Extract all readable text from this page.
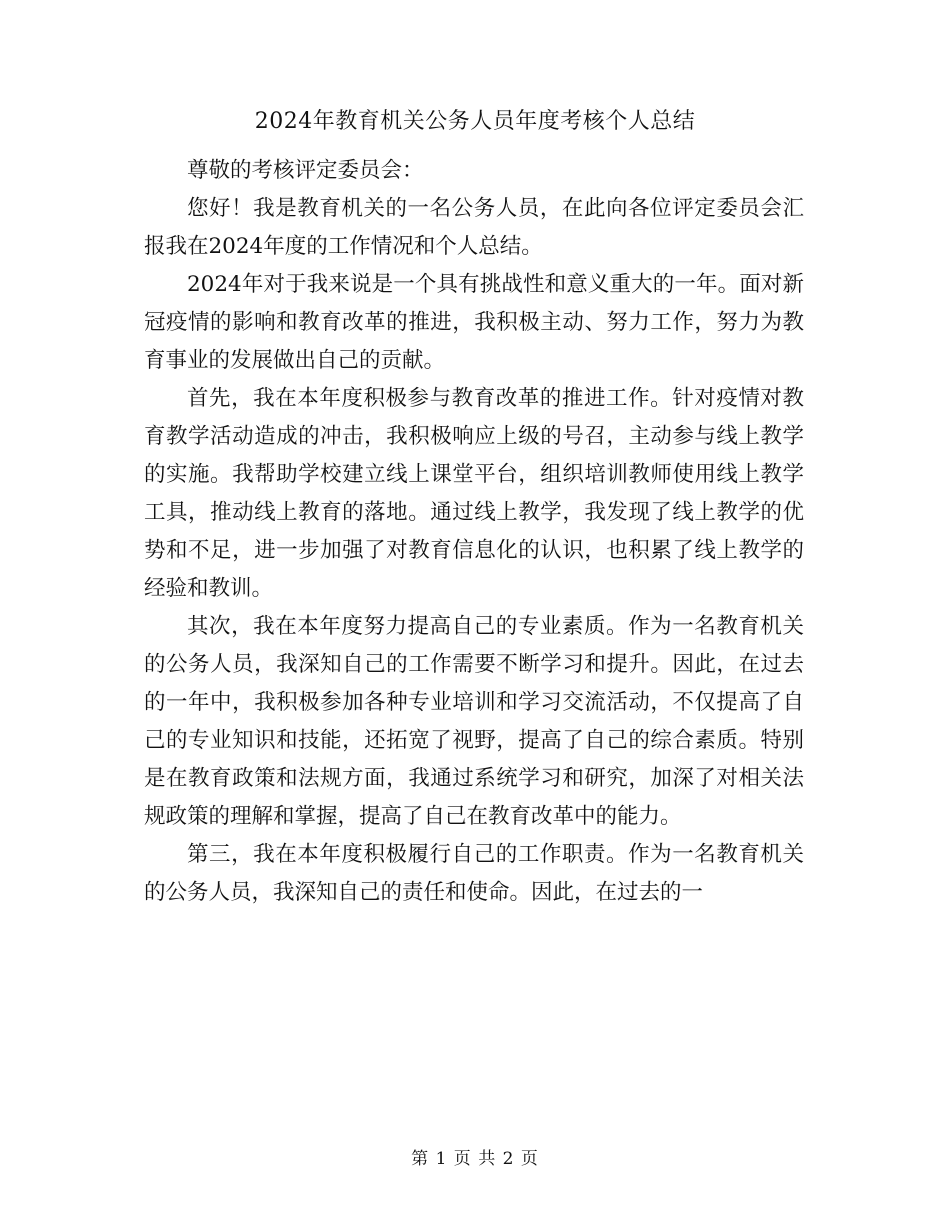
2024年教育机关公务人员年度考核个人总结

尊敬的考核评定委员会：

您好！我是教育机关的一名公务人员，在此向各位评定委员会汇报我在2024年度的工作情况和个人总结。

2024年对于我来说是一个具有挑战性和意义重大的一年。面对新冠疫情的影响和教育改革的推进，我积极主动、努力工作，努力为教育事业的发展做出自己的贡献。

首先，我在本年度积极参与教育改革的推进工作。针对疫情对教育教学活动造成的冲击，我积极响应上级的号召，主动参与线上教学的实施。我帮助学校建立线上课堂平台，组织培训教师使用线上教学工具，推动线上教育的落地。通过线上教学，我发现了线上教学的优势和不足，进一步加强了对教育信息化的认识，也积累了线上教学的经验和教训。

其次，我在本年度努力提高自己的专业素质。作为一名教育机关的公务人员，我深知自己的工作需要不断学习和提升。因此，在过去的一年中，我积极参加各种专业培训和学习交流活动，不仅提高了自己的专业知识和技能，还拓宽了视野，提高了自己的综合素质。特别是在教育政策和法规方面，我通过系统学习和研究，加深了对相关法规政策的理解和掌握，提高了自己在教育改革中的能力。

第三，我在本年度积极履行自己的工作职责。作为一名教育机关的公务人员，我深知自己的责任和使命。因此，在过去的一

第 1 页 共 2 页
